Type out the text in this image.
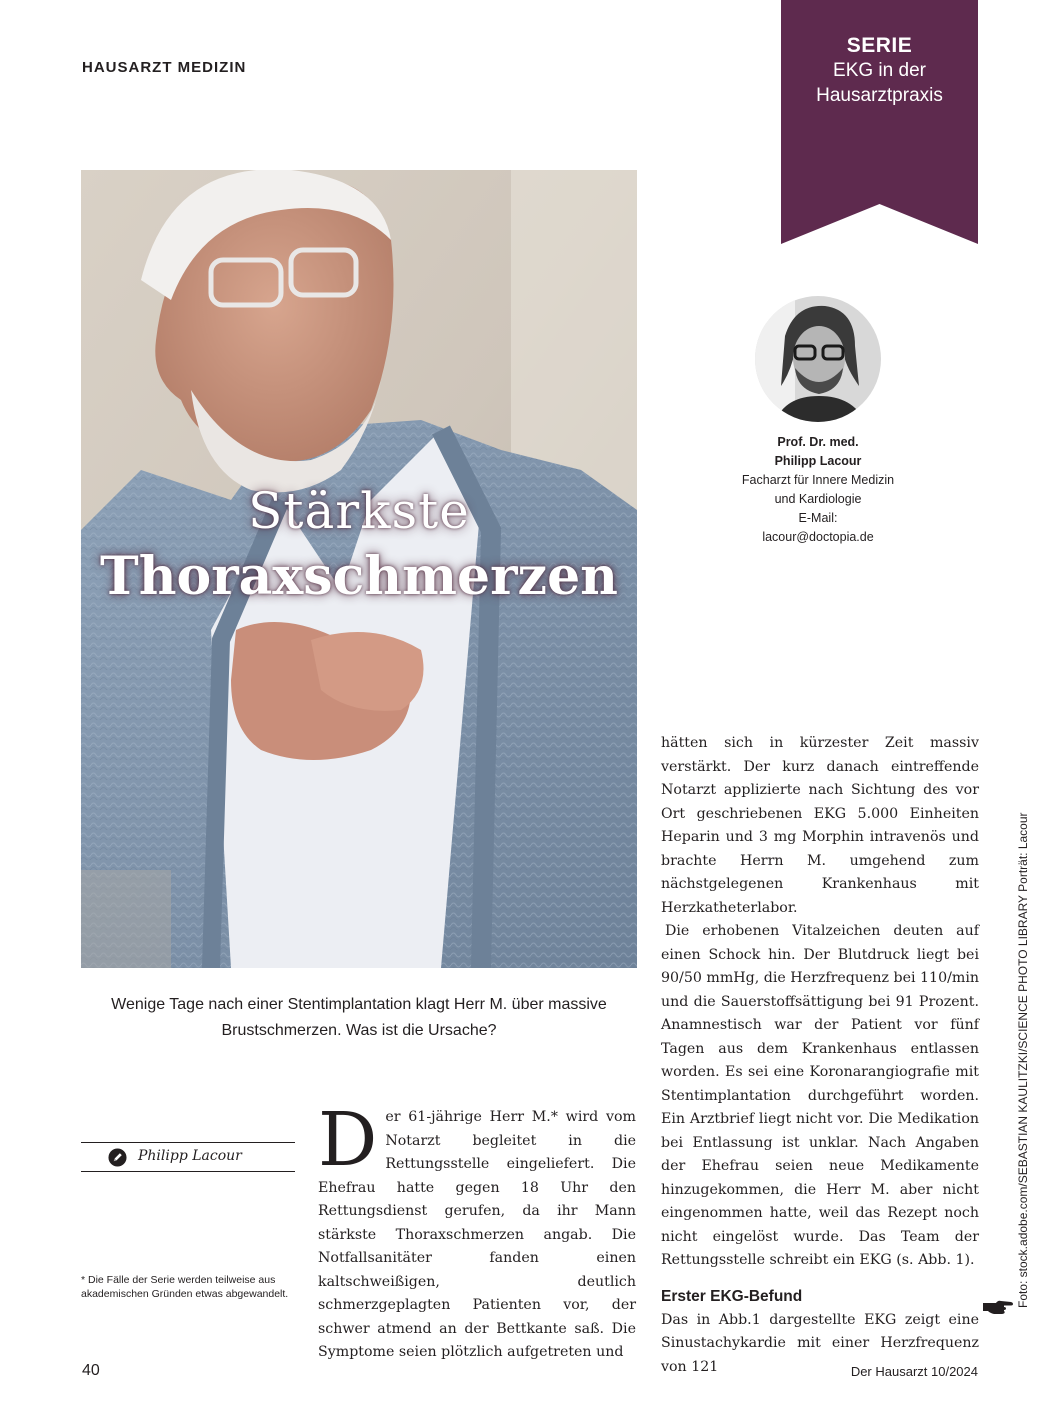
HAUSARZT MEDIZIN
SERIE
EKG in der
Hausarztpraxis
Stärkste
Thoraxschmerzen
Wenige Tage nach einer Stentimplantation klagt Herr M. über massive
Brustschmerzen. Was ist die Ursache?
Prof. Dr. med.
Philipp Lacour
Facharzt für Innere Medizin
und Kardiologie
E-Mail:
lacour@doctopia.de
Philipp Lacour
* Die Fälle der Serie werden teilweise aus akademischen Gründen etwas abgewandelt.
D er 61-jährige Herr M.* wird vom Notarzt begleitet in die Rettungsstelle eingeliefert. Die Ehefrau hatte gegen 18 Uhr den Rettungsdienst gerufen, da ihr Mann stärkste Thoraxschmerzen angab. Die Notfallsanitäter fanden einen kaltschweißigen, deutlich schmerzgeplagten Patienten vor, der schwer atmend an der Bettkante saß. Die Symptome seien plötzlich aufgetreten und

hätten sich in kürzester Zeit massiv verstärkt. Der kurz danach eintreffende Notarzt applizierte nach Sichtung des vor Ort geschriebenen EKG 5.000 Einheiten Heparin und 3 mg Morphin intravenös und brachte Herrn M. umgehend zum nächstgelegenen Krankenhaus mit Herzkatheterlabor.

Die erhobenen Vitalzeichen deuten auf einen Schock hin. Der Blutdruck liegt bei 90/50 mmHg, die Herzfrequenz bei 110/min und die Sauerstoffsättigung bei 91 Prozent. Anamnestisch war der Patient vor fünf Tagen aus dem Krankenhaus entlassen worden. Es sei eine Koronarangiografie mit Stentimplantation durchgeführt worden. Ein Arztbrief liegt nicht vor. Die Medikation bei Entlassung ist unklar. Nach Angaben der Ehefrau seien neue Medikamente hinzugekommen, die Herr M. aber nicht eingenommen hatte, weil das Rezept noch nicht eingelöst wurde. Das Team der Rettungsstelle schreibt ein EKG (s. Abb. 1).

Erster EKG-Befund

Das in Abb.1 dargestellte EKG zeigt eine Sinustachykardie mit einer Herzfrequenz von 121

Foto: stock.adobe.com/SEBASTIAN KAULITZKI/SCIENCE PHOTO LIBRARY Porträt: Lacour
40	Der Hausarzt 10/2024
